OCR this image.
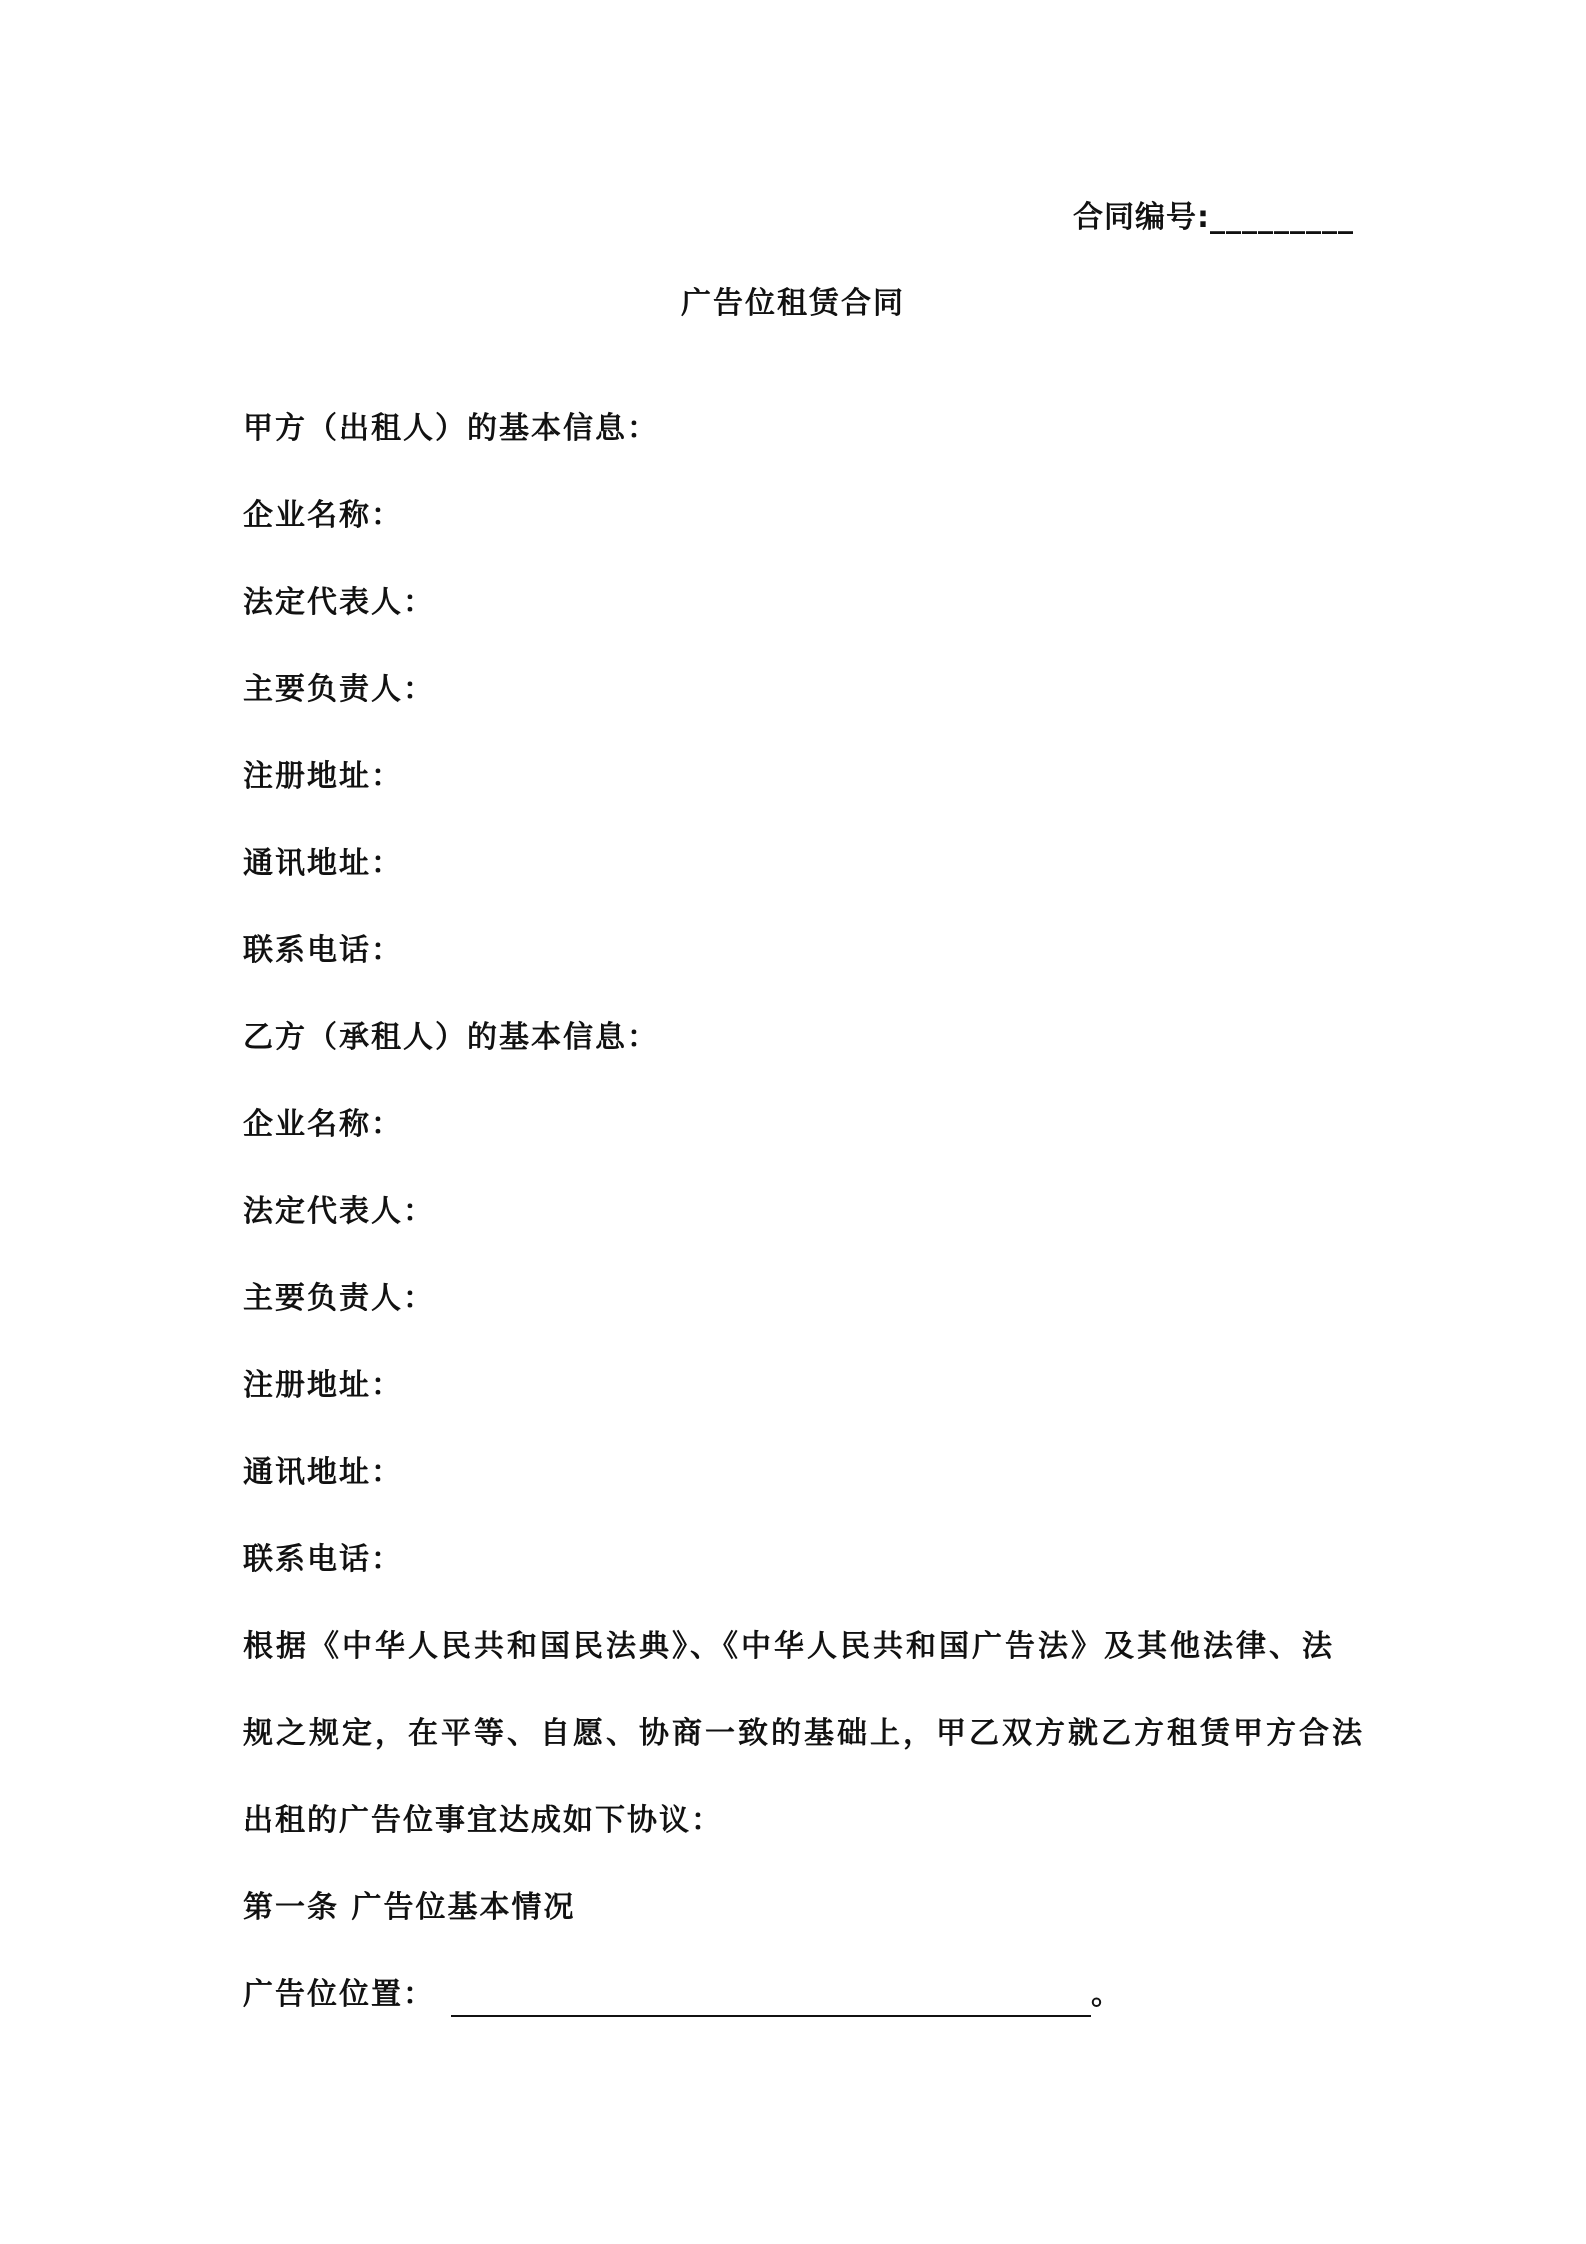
合同编号:_________
广告位租赁合同
甲方（出租人）的基本信息：
企业名称：
法定代表人：
主要负责人：
注册地址：
通讯地址：
联系电话：
乙方（承租人）的基本信息：
企业名称：
法定代表人：
主要负责人：
注册地址：
通讯地址：
联系电话：
根据《中华人民共和国民法典》、《中华人民共和国广告法》及其他法律、法
规之规定，在平等、自愿、协商一致的基础上，甲乙双方就乙方租赁甲方合法
出租的广告位事宜达成如下协议：
第一条 广告位基本情况
广告位位置：	。
